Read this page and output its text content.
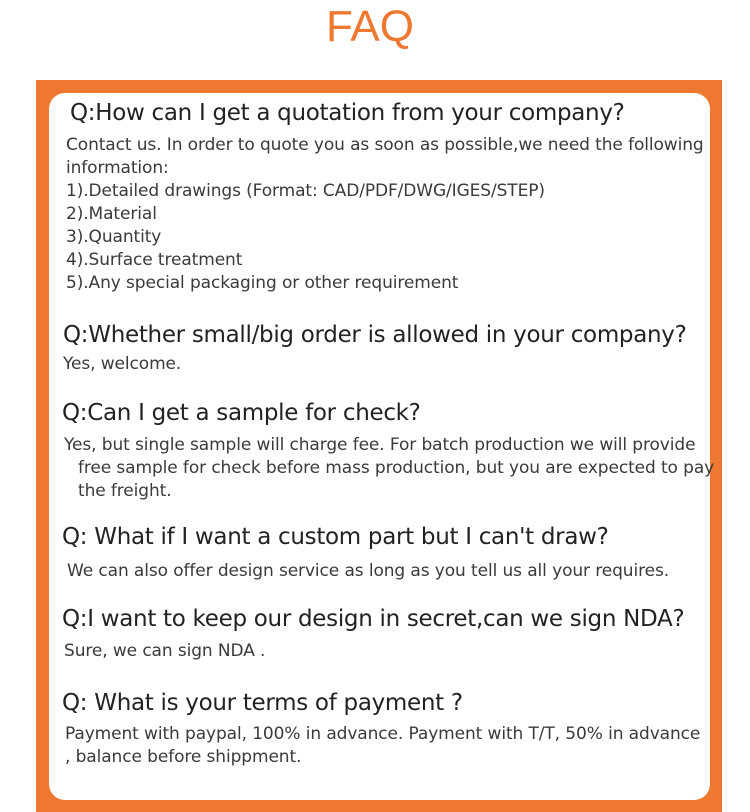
FAQ
Q:How can I get a quotation from your company?
Contact us. In order to quote you as soon as possible,we need the following
information:
1).Detailed drawings (Format: CAD/PDF/DWG/IGES/STEP)
2).Material
3).Quantity
4).Surface treatment
5).Any special packaging or other requirement
Q:Whether small/big order is allowed in your company?
Yes, welcome.
Q:Can I get a sample for check?
Yes, but single sample will charge fee. For batch production we will provide
free sample for check before mass production, but you are expected to pay
the freight.
Q: What if I want a custom part but I can't draw?
We can also offer design service as long as you tell us all your requires.
Q:I want to keep our design in secret,can we sign NDA?
Sure, we can sign NDA .
Q: What is your terms of payment ?
Payment with paypal, 100% in advance. Payment with T/T, 50% in advance
, balance before shippment.
